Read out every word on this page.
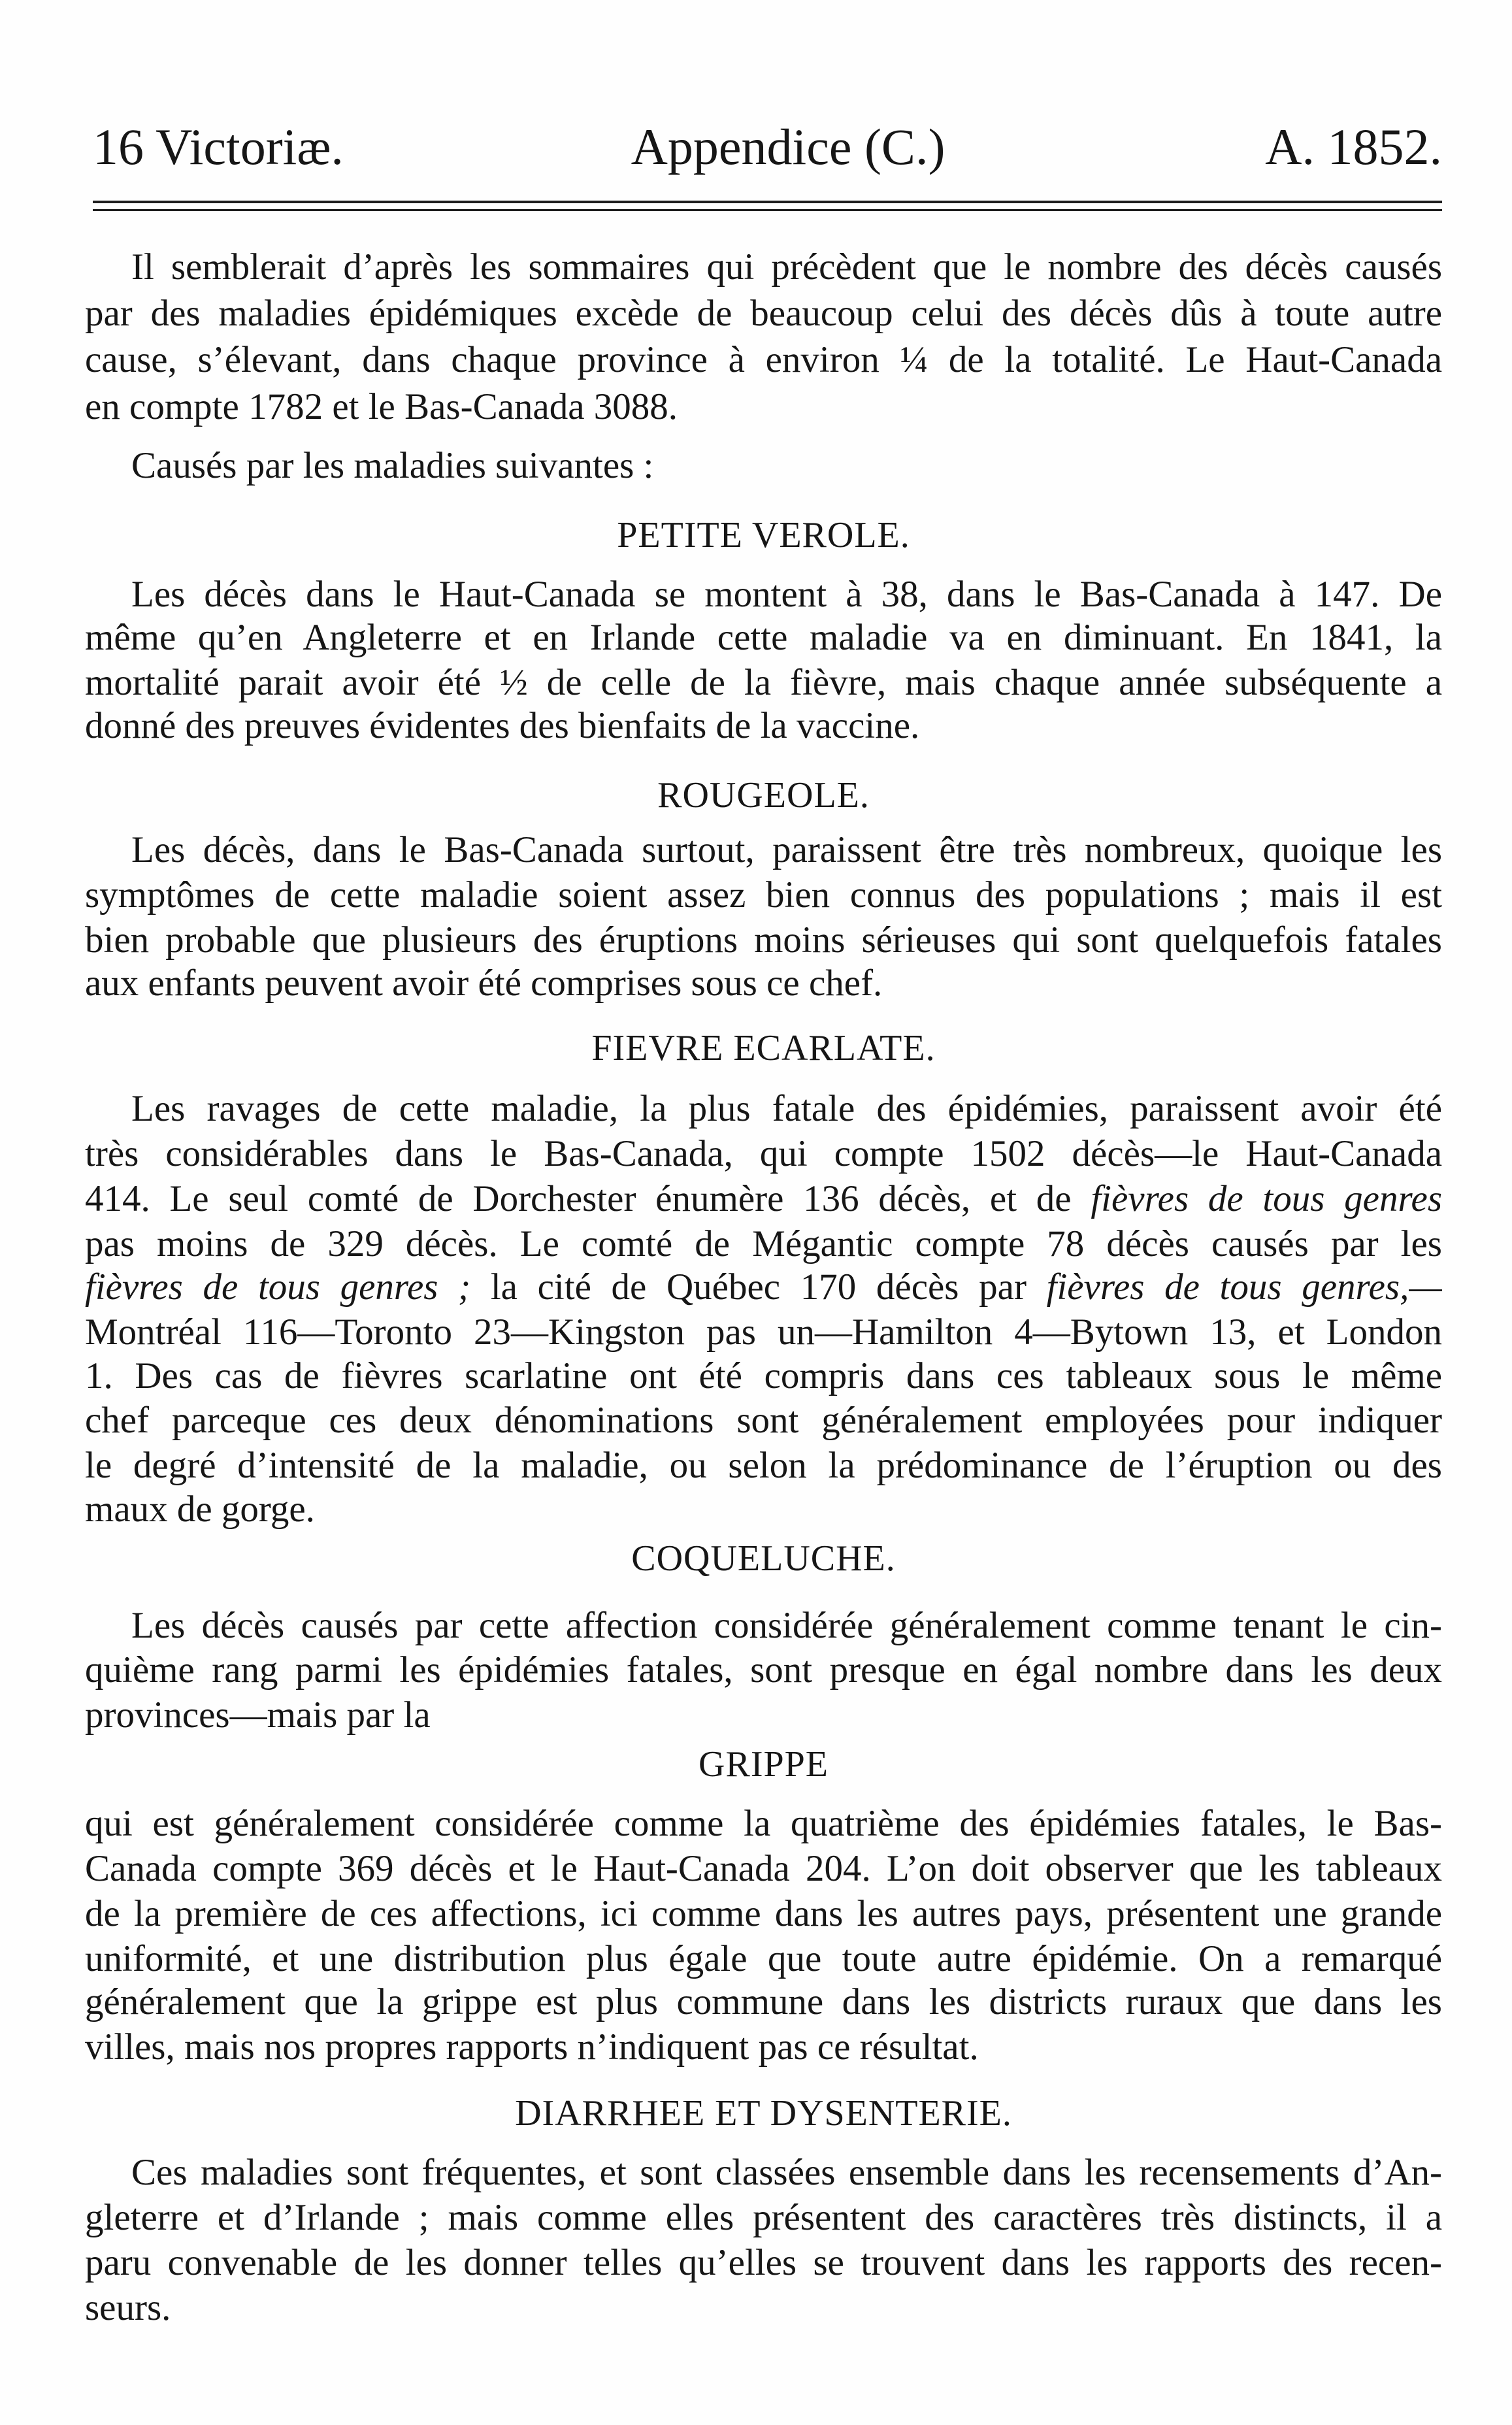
16 Victoriæ.	Appendice (C.)	A. 1852.
Il semblerait d’après les sommaires qui précèdent que le nombre des décès causés
par des maladies épidémiques excède de beaucoup celui des décès dûs à toute autre
cause, s’élevant, dans chaque province à environ ¼ de la totalité. Le Haut-Canada
en compte 1782 et le Bas-Canada 3088.
Causés par les maladies suivantes :
PETITE VEROLE.
Les décès dans le Haut-Canada se montent à 38, dans le Bas-Canada à 147. De
même qu’en Angleterre et en Irlande cette maladie va en diminuant. En 1841, la
mortalité parait avoir été ½ de celle de la fièvre, mais chaque année subséquente a
donné des preuves évidentes des bienfaits de la vaccine.
ROUGEOLE.
Les décès, dans le Bas-Canada surtout, paraissent être très nombreux, quoique les
symptômes de cette maladie soient assez bien connus des populations ; mais il est
bien probable que plusieurs des éruptions moins sérieuses qui sont quelquefois fatales
aux enfants peuvent avoir été comprises sous ce chef.
FIEVRE ECARLATE.
Les ravages de cette maladie, la plus fatale des épidémies, paraissent avoir été
très considérables dans le Bas-Canada, qui compte 1502 décès—le Haut-Canada
414. Le seul comté de Dorchester énumère 136 décès, et de fièvres de tous genres
pas moins de 329 décès. Le comté de Mégantic compte 78 décès causés par les
fièvres de tous genres ; la cité de Québec 170 décès par fièvres de tous genres,—
Montréal 116—Toronto 23—Kingston pas un—Hamilton 4—Bytown 13, et London
1. Des cas de fièvres scarlatine ont été compris dans ces tableaux sous le même
chef parceque ces deux dénominations sont généralement employées pour indiquer
le degré d’intensité de la maladie, ou selon la prédominance de l’éruption ou des
maux de gorge.
COQUELUCHE.
Les décès causés par cette affection considérée généralement comme tenant le cin-
quième rang parmi les épidémies fatales, sont presque en égal nombre dans les deux
provinces—mais par la
GRIPPE
qui est généralement considérée comme la quatrième des épidémies fatales, le Bas-
Canada compte 369 décès et le Haut-Canada 204. L’on doit observer que les tableaux
de la première de ces affections, ici comme dans les autres pays, présentent une grande
uniformité, et une distribution plus égale que toute autre épidémie. On a remarqué
généralement que la grippe est plus commune dans les districts ruraux que dans les
villes, mais nos propres rapports n’indiquent pas ce résultat.
DIARRHEE ET DYSENTERIE.
Ces maladies sont fréquentes, et sont classées ensemble dans les recensements d’An-
gleterre et d’Irlande ; mais comme elles présentent des caractères très distincts, il a
paru convenable de les donner telles qu’elles se trouvent dans les rapports des recen-
seurs.
